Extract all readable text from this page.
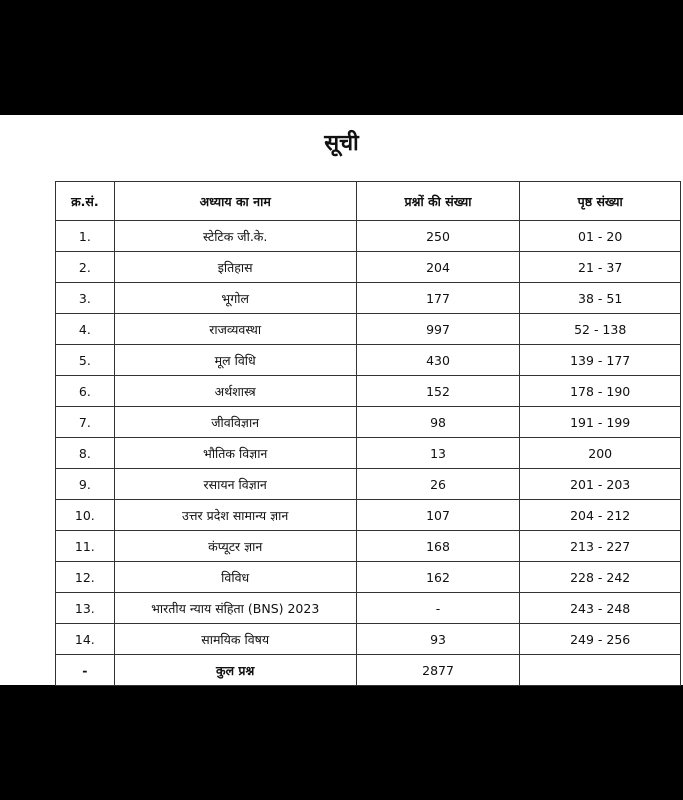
सूची
क्र.सं.	अध्याय का नाम	प्रश्नों की संख्या	पृष्ठ संख्या
1.	स्टेटिक जी.के.	250	01 - 20
2.	इतिहास	204	21 - 37
3.	भूगोल	177	38 - 51
4.	राजव्यवस्था	997	52 - 138
5.	मूल विधि	430	139 - 177
6.	अर्थशास्त्र	152	178 - 190
7.	जीवविज्ञान	98	191 - 199
8.	भौतिक विज्ञान	13	200
9.	रसायन विज्ञान	26	201 - 203
10.	उत्तर प्रदेश सामान्य ज्ञान	107	204 - 212
11.	कंप्यूटर ज्ञान	168	213 - 227
12.	विविध	162	228 - 242
13.	भारतीय न्याय संहिता (BNS) 2023	-	243 - 248
14.	सामयिक विषय	93	249 - 256
-	कुल प्रश्न	2877	
